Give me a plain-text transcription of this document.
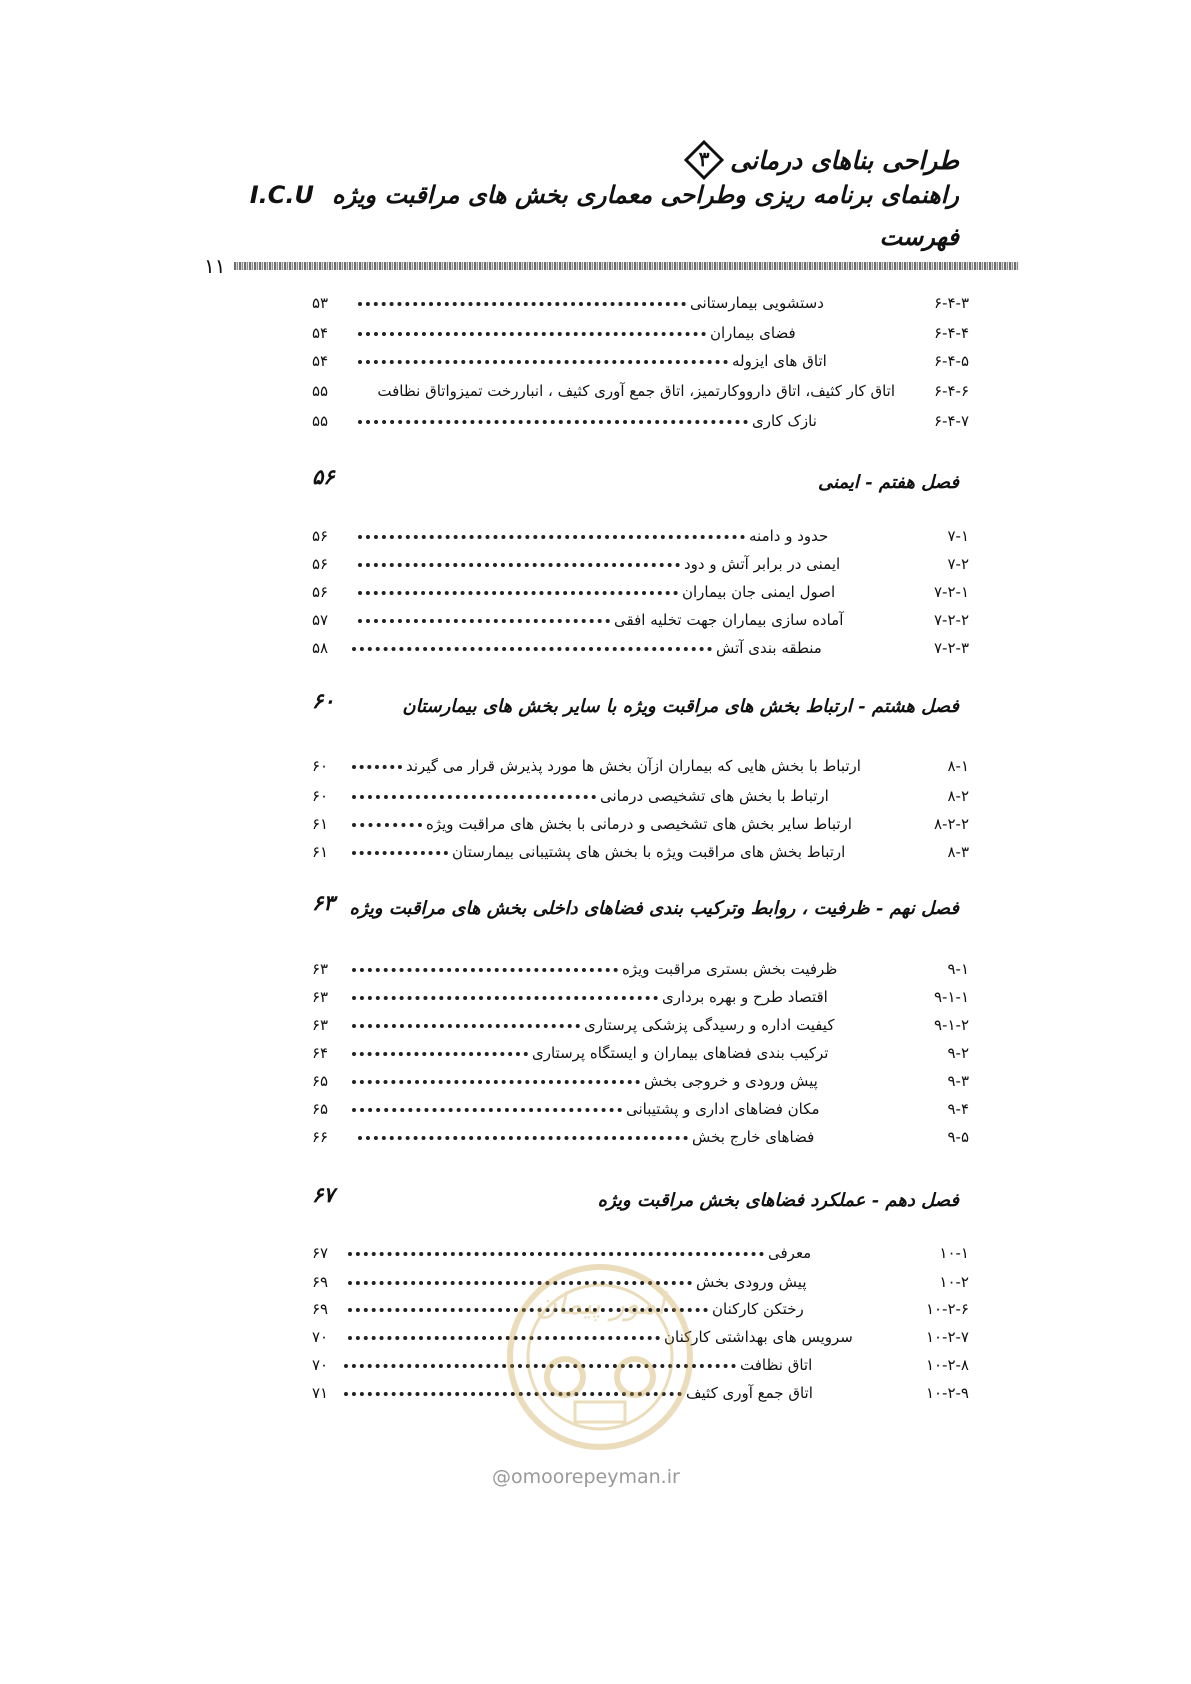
طراحی بناهای درمانی
۳
راهنمای برنامه ریزی وطراحی معماری بخش های مراقبت ویژه
I.C.U
فهرست
۱۱
۶-۴-۳
دستشویی بیمارستانی
۵۳
۶-۴-۴
فضای بیماران
۵۴
۶-۴-۵
اتاق های ایزوله
۵۴
۶-۴-۶
اتاق کار کثیف، اتاق داروو‌کارتمیز، اتاق جمع آوری کثیف ، انباررخت تمیزواتاق نظافت
۵۵
۶-۴-۷
نازک کاری
۵۵
۷-۱
حدود و دامنه
۵۶
۷-۲
ایمنی در برابر آتش و دود
۵۶
۷-۲-۱
اصول ایمنی جان بیماران
۵۶
۷-۲-۲
آماده سازی بیماران جهت تخلیه افقی
۵۷
۷-۲-۳
منطقه بندی آتش
۵۸
۸-۱
ارتباط با بخش هایی که بیماران ازآن بخش ها مورد پذیرش قرار می گیرند
۶۰
۸-۲
ارتباط با بخش های تشخیصی درمانی
۶۰
۸-۲-۲
ارتباط سایر بخش های تشخیصی و درمانی با بخش های مراقبت ویژه
۶۱
۸-۳
ارتباط بخش های مراقبت ویژه با بخش های پشتیبانی بیمارستان
۶۱
۹-۱
ظرفیت بخش بستری مراقبت ویژه
۶۳
۹-۱-۱
اقتصاد طرح و بهره برداری
۶۳
۹-۱-۲
کیفیت اداره و رسیدگی پزشکی پرستاری
۶۳
۹-۲
ترکیب بندی فضاهای بیماران و ایستگاه پرستاری
۶۴
۹-۳
پیش ورودی و خروجی بخش
۶۵
۹-۴
مکان فضاهای اداری و پشتیبانی
۶۵
۹-۵
فضاهای خارج بخش
۶۶
۱۰-۱
معرفی
۶۷
۱۰-۲
پیش ورودی بخش
۶۹
۱۰-۲-۶
رختکن کارکنان
۶۹
۱۰-۲-۷
سرویس های بهداشتی کارکنان
۷۰
۱۰-۲-۸
اتاق نظافت
۷۰
۱۰-۲-۹
اتاق جمع آوری کثیف
۷۱
فصل هفتم - ایمنی
۵۶
فصل هشتم - ارتباط بخش های مراقبت ویژه با سایر بخش های بیمارستان
۶۰
فصل نهم - ظرفیت ، روابط وترکیب بندی فضاهای داخلی بخش های مراقبت ویژه
۶۳
فصل دهم - عملکرد فضاهای بخش مراقبت ویژه
۶۷
امور پیمان
@omoorepeyman.ir
